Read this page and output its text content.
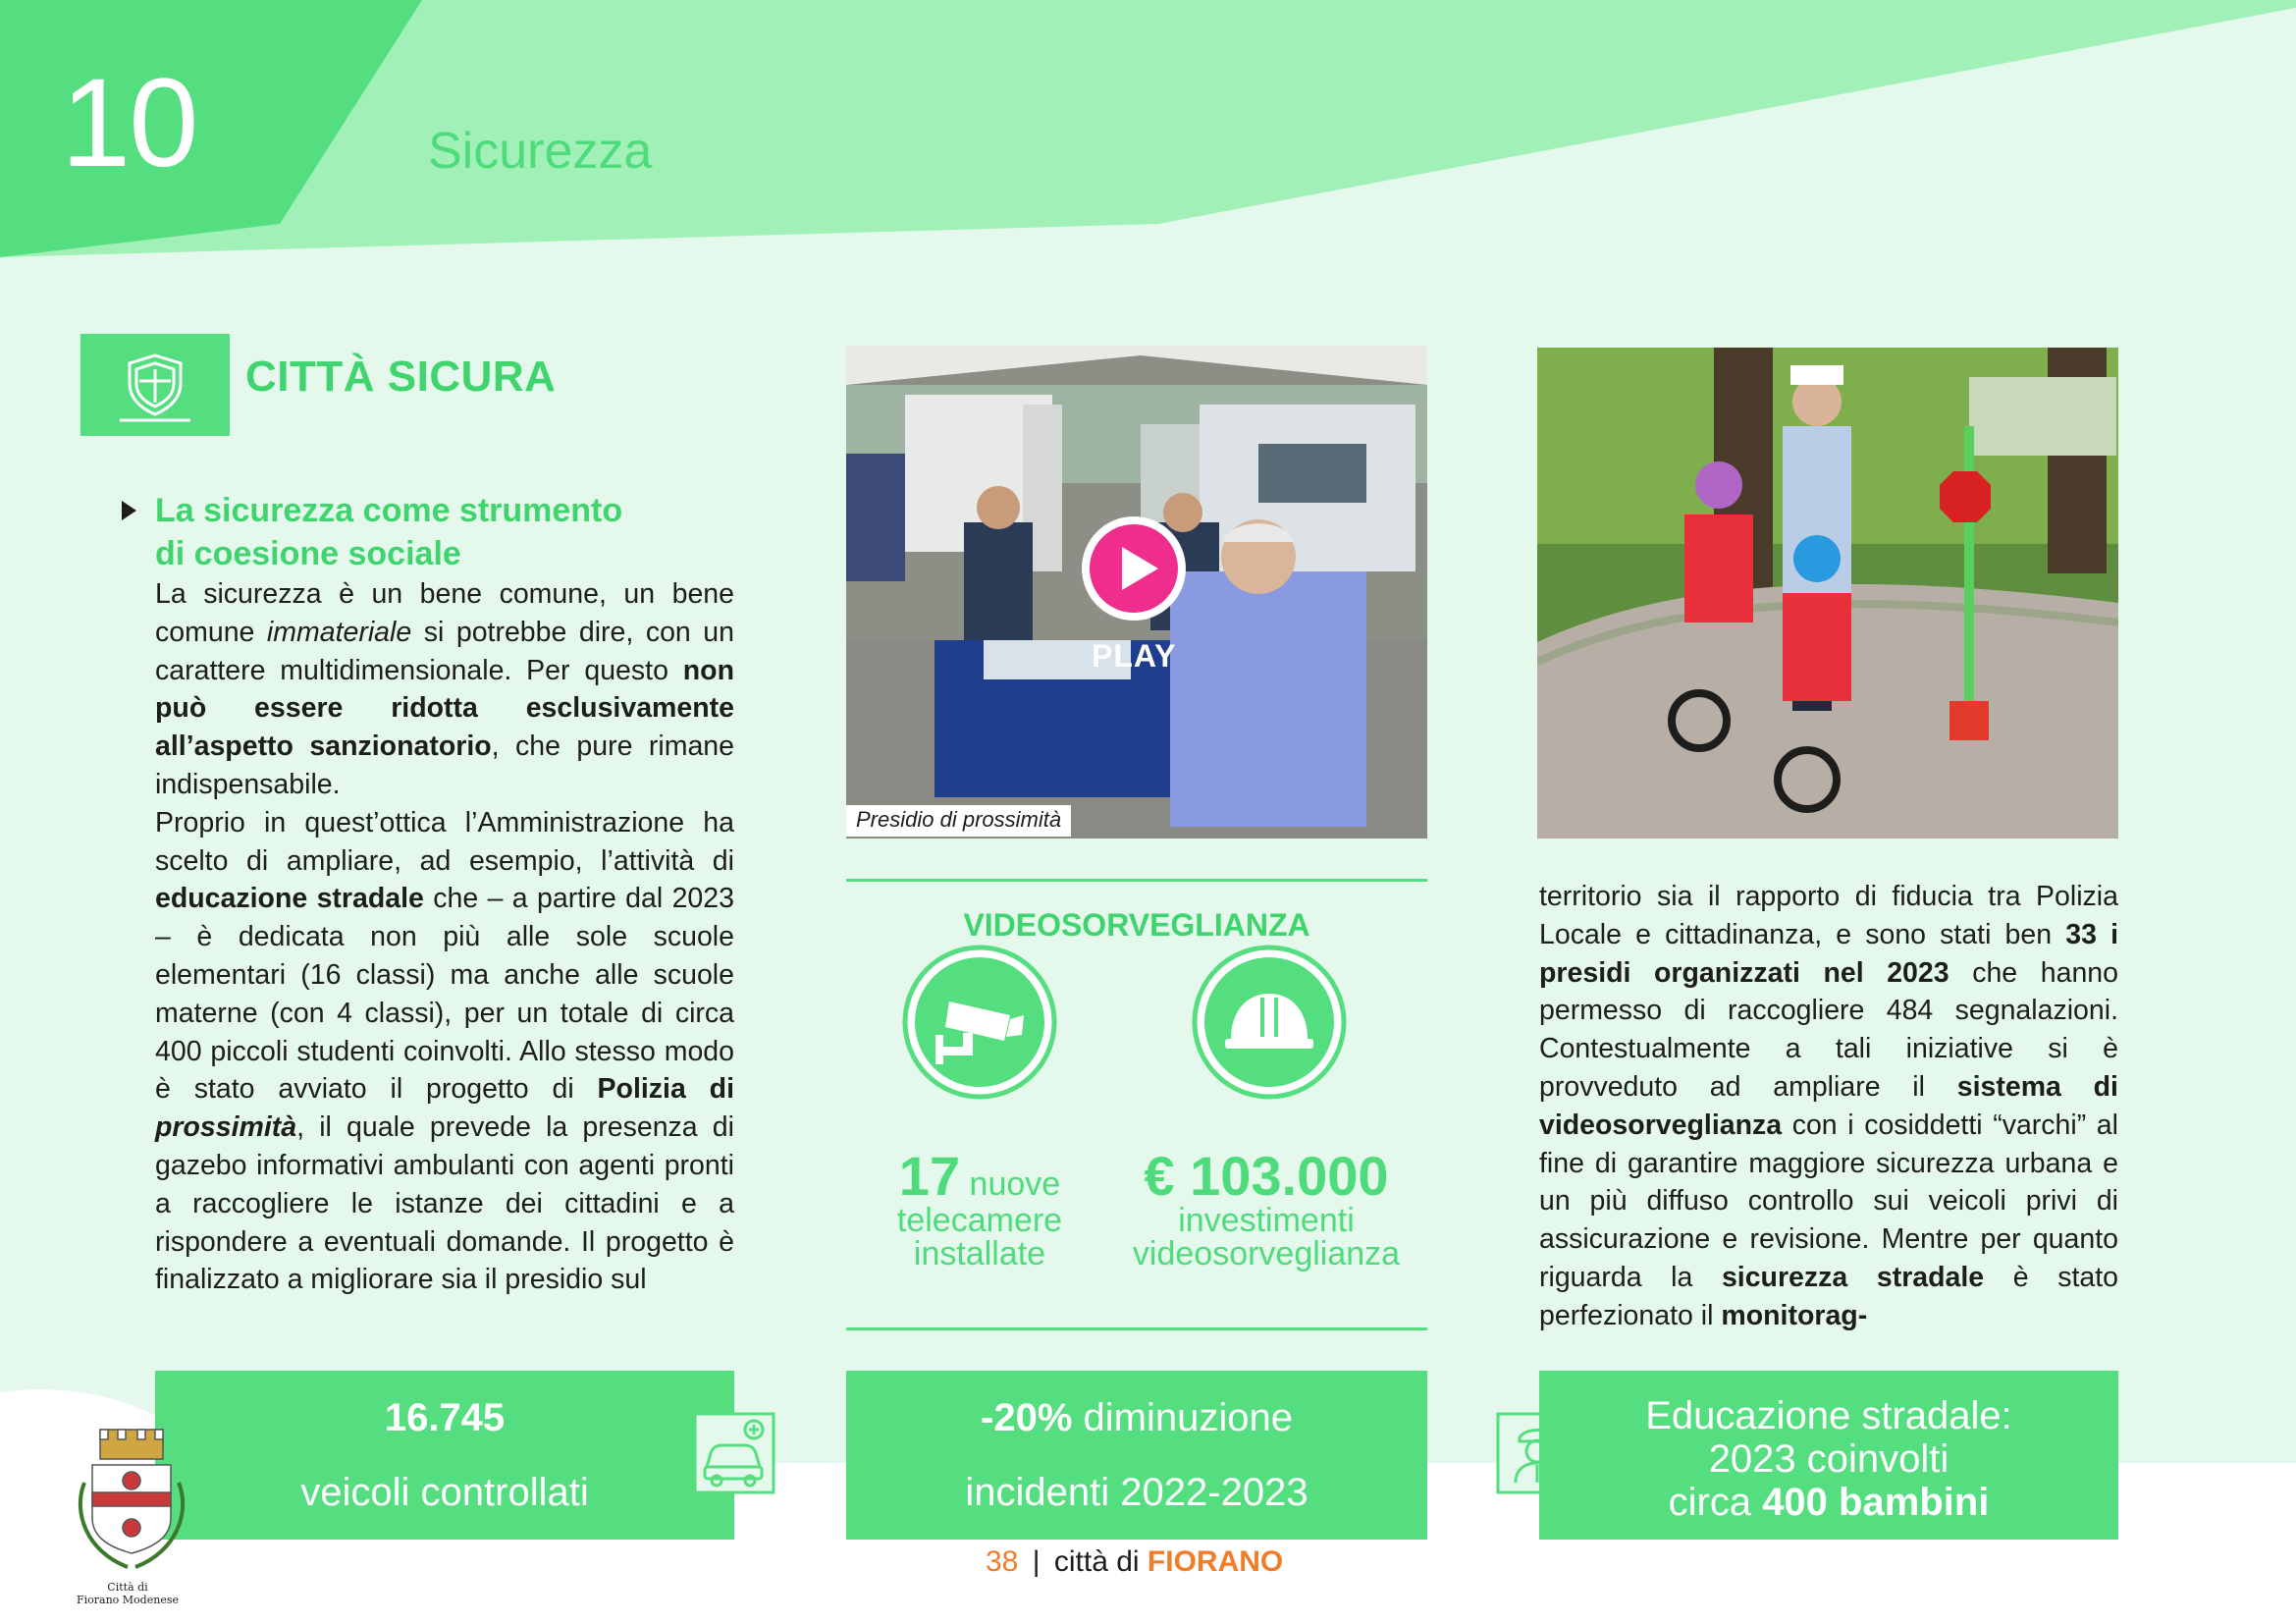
10	Sicurezza
CITTÀ SICURA
La sicurezza come strumento
di coesione sociale
La sicurezza è un bene comune, un bene comune immateriale si potrebbe dire, con un carattere multidimensionale. Per questo non può essere ridotta esclusivamente all’aspetto sanzionatorio, che pure rimane indispensabile.
Proprio in quest’ottica l’Amministrazione ha scelto di ampliare, ad esempio, l’attività di educazione stradale che – a partire dal 2023 – è dedicata non più alle sole scuole elementari (16 classi) ma anche alle scuole materne (con 4 classi), per un totale di circa 400 piccoli studenti coinvolti. Allo stesso modo è stato avviato il progetto di Polizia di prossimità, il quale prevede la presenza di gazebo informativi ambulanti con agenti pronti a raccogliere le istanze dei cittadini e a rispondere a eventuali domande. Il progetto è finalizzato a migliorare sia il presidio sul
Presidio di prossimità
PLAY
VIDEOSORVEGLIANZA
17 nuove
telecamere
installate
€ 103.000
investimenti
videosorveglianza
territorio sia il rapporto di fiducia tra Polizia Locale e cittadinanza, e sono stati ben 33 i presidi organizzati nel 2023 che hanno permesso di raccogliere 484 segnalazioni. Contestualmente a tali iniziative si è provveduto ad ampliare il sistema di videosorveglianza con i cosiddetti “varchi” al fine di garantire maggiore sicurezza urbana e un più diffuso controllo sui veicoli privi di assicurazione e revisione. Mentre per quanto riguarda la sicurezza stradale è stato perfezionato il monitorag-
16.745
veicoli controllati
-20% diminuzione
incidenti 2022-2023
Educazione stradale:
2023 coinvolti
circa 400 bambini
38 | città di FIORANO
Città di
Fiorano Modenese
